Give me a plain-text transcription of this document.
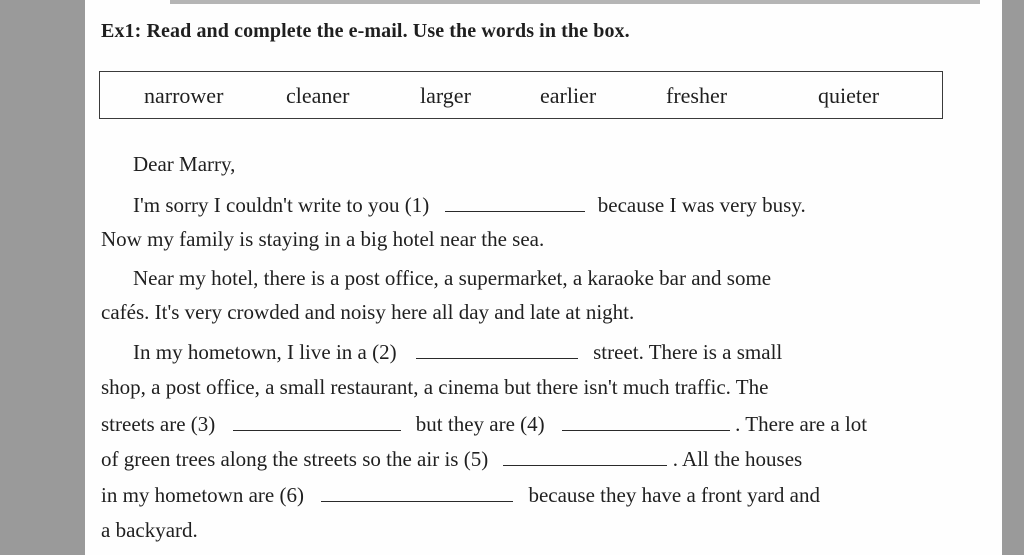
Ex1: Read and complete the e-mail. Use the words in the box.
narrower	cleaner	larger	earlier	fresher	quieter
Dear Marry,
I'm sorry I couldn't write to you (1)	because I was very busy.
Now my family is staying in a big hotel near the sea.
Near my hotel, there is a post office, a supermarket, a karaoke bar and some
cafés. It's very crowded and noisy here all day and late at night.
In my hometown, I live in a (2)	street. There is a small
shop, a post office, a small restaurant, a cinema but there isn't much traffic. The
streets are (3)	but they are (4)	. There are a lot
of green trees along the streets so the air is (5)	. All the houses
in my hometown are (6)	because they have a front yard and
a backyard.
